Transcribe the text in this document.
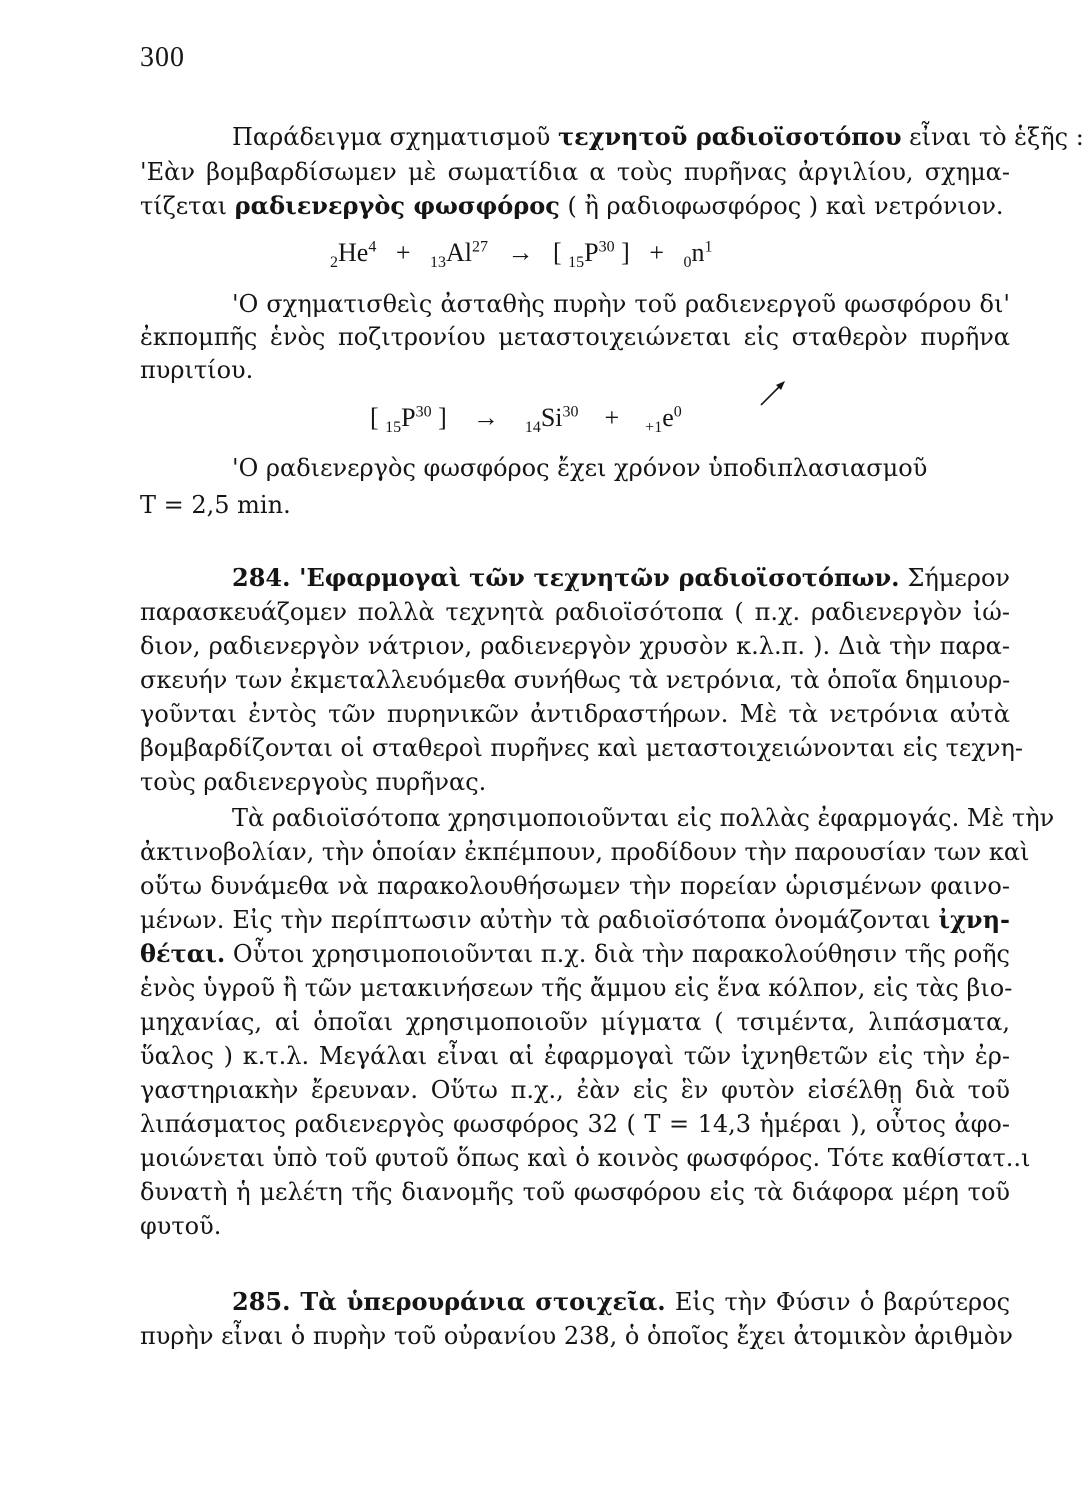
300
Παράδειγμα σχηματισμοῦ τεχνητοῦ ραδιοϊσοτόπου εἶναι τὸ ἑξῆς :
'Εὰν βομβαρδίσωμεν μὲ σωματίδια α τοὺς πυρῆνας ἀργιλίου, σχημα-
τίζεται ραδιενεργὸς φωσφόρος ( ἢ ραδιοφωσφόρος ) καὶ νετρόνιον.
$_2He^4 + _{13}Al^{27}$ → [ $_{15}P^{30}$ ] + $_0n^1$
'Ο σχηματισθεὶς ἀσταθὴς πυρὴν τοῦ ραδιενεργοῦ φωσφόρου δι'
ἐκπομπῆς ἑνὸς ποζιτρονίου μεταστοιχειώνεται εἰς σταθερὸν πυρῆνα
πυριτίου.
[ $_{15}P^{30}$ ] → $_{14}Si^{30} + _{+1}e^0$
'Ο ραδιενεργὸς φωσφόρος ἔχει χρόνον ὑποδιπλασιασμοῦ
T = 2,5 min.
284. 'Εφαρμογαὶ τῶν τεχνητῶν ραδιοϊσοτόπων. Σήμερον
παρασκευάζομεν πολλὰ τεχνητὰ ραδιοϊσότοπα ( π.χ. ραδιενεργὸν ἰώ-
διον, ραδιενεργὸν νάτριον, ραδιενεργὸν χρυσὸν κ.λ.π. ). Διὰ τὴν παρα-
σκευήν των ἐκμεταλλευόμεθα συνήθως τὰ νετρόνια, τὰ ὁποῖα δημιουρ-
γοῦνται ἐντὸς τῶν πυρηνικῶν ἀντιδραστήρων. Μὲ τὰ νετρόνια αὐτὰ
βομβαρδίζονται οἱ σταθεροὶ πυρῆνες καὶ μεταστοιχειώνονται εἰς τεχνη-
τοὺς ραδιενεργοὺς πυρῆνας.
Τὰ ραδιοϊσότοπα χρησιμοποιοῦνται εἰς πολλὰς ἐφαρμογάς. Μὲ τὴν
ἀκτινοβολίαν, τὴν ὁποίαν ἐκπέμπουν, προδίδουν τὴν παρουσίαν των καὶ
οὕτω δυνάμεθα νὰ παρακολουθήσωμεν τὴν πορείαν ὡρισμένων φαινο-
μένων. Εἰς τὴν περίπτωσιν αὐτὴν τὰ ραδιοϊσότοπα ὀνομάζονται ἰχνη-
θέται. Οὗτοι χρησιμοποιοῦνται π.χ. διὰ τὴν παρακολούθησιν τῆς ροῆς
ἑνὸς ὑγροῦ ἢ τῶν μετακινήσεων τῆς ἄμμου εἰς ἕνα κόλπον, εἰς τὰς βιο-
μηχανίας, αἱ ὁποῖαι χρησιμοποιοῦν μίγματα ( τσιμέντα, λιπάσματα,
ὕαλος ) κ.τ.λ. Μεγάλαι εἶναι αἱ ἐφαρμογαὶ τῶν ἰχνηθετῶν εἰς τὴν ἐρ-
γαστηριακὴν ἔρευναν. Οὕτω π.χ., ἐὰν εἰς ἓν φυτὸν εἰσέλθῃ διὰ τοῦ
λιπάσματος ραδιενεργὸς φωσφόρος 32 ( T = 14,3 ἡμέραι ), οὗτος ἀφο-
μοιώνεται ὑπὸ τοῦ φυτοῦ ὅπως καὶ ὁ κοινὸς φωσφόρος. Τότε καθίστατ..ι
δυνατὴ ἡ μελέτη τῆς διανομῆς τοῦ φωσφόρου εἰς τὰ διάφορα μέρη τοῦ
φυτοῦ.
285. Τὰ ὑπερουράνια στοιχεῖα. Εἰς τὴν Φύσιν ὁ βαρύτερος
πυρὴν εἶναι ὁ πυρὴν τοῦ οὐρανίου 238, ὁ ὁποῖος ἔχει ἀτομικὸν ἀριθμὸν
